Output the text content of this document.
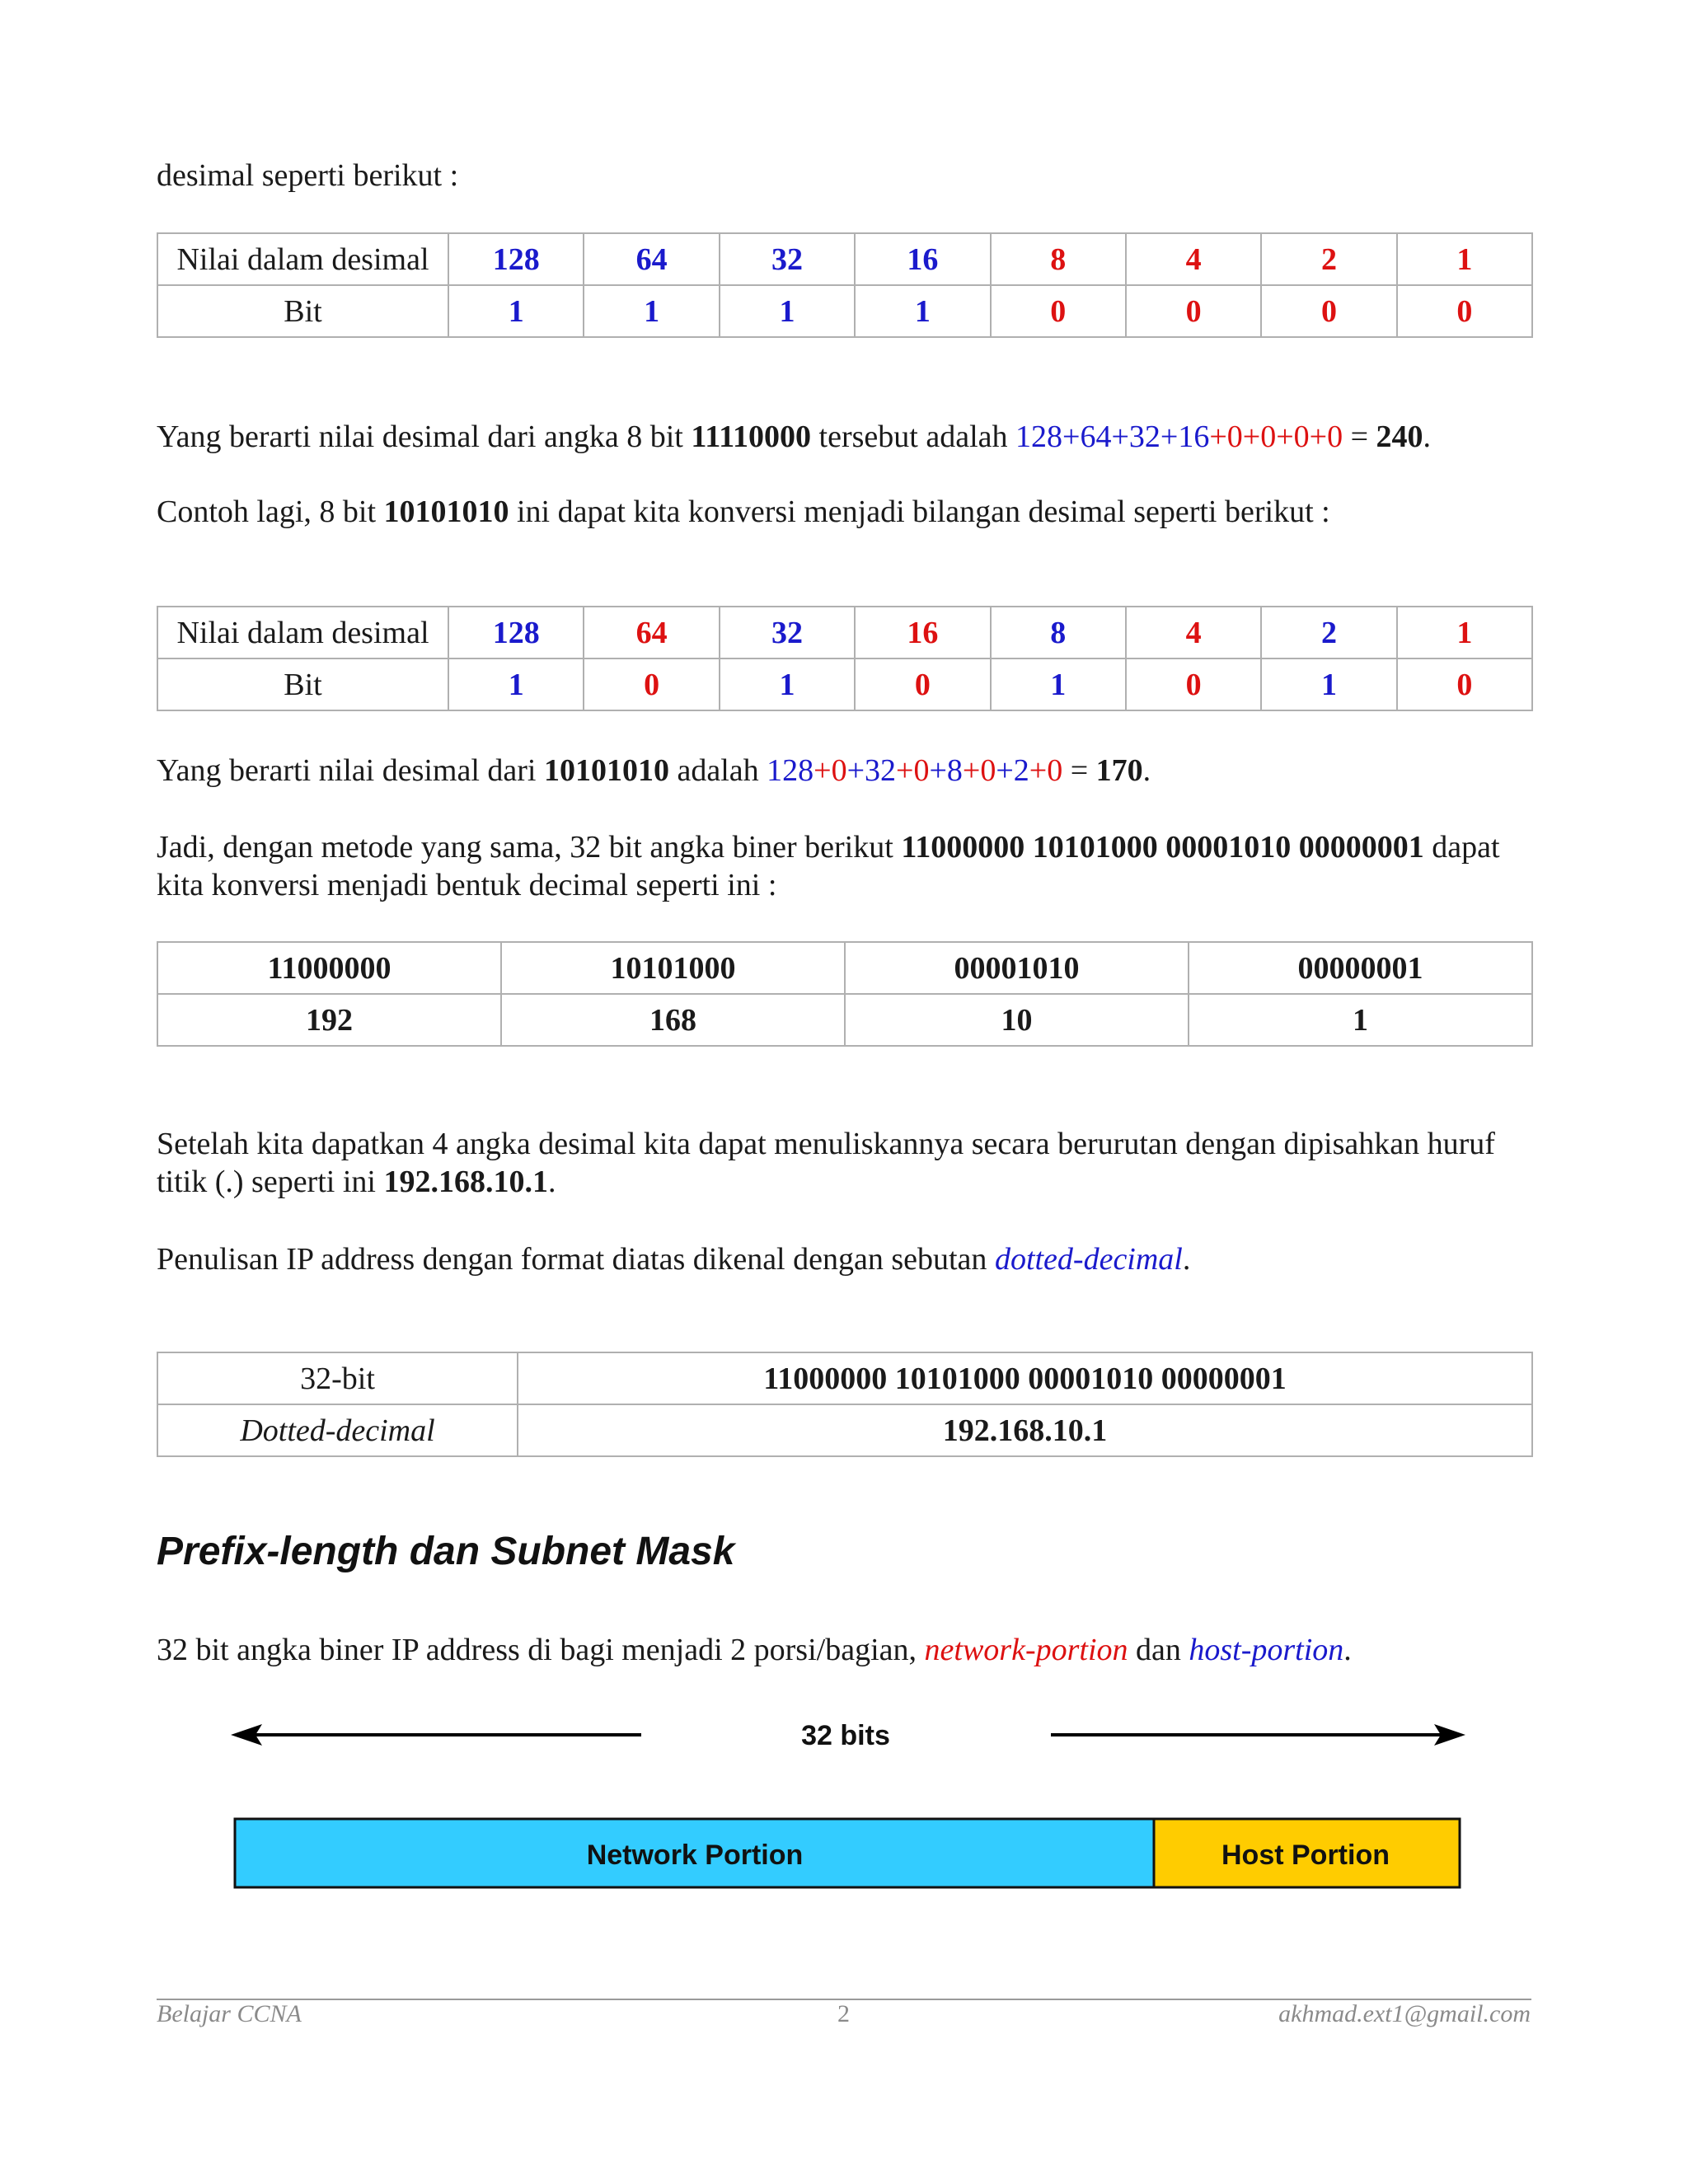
desimal seperti berikut :

Nilai dalam desimal	128	64	32	16	8	4	2	1
Bit	1	1	1	1	0	0	0	0

Yang berarti nilai desimal dari angka 8 bit 11110000 tersebut adalah 128+64+32+16+0+0+0+0 = 240.

Contoh lagi, 8 bit 10101010 ini dapat kita konversi menjadi bilangan desimal seperti berikut :

Nilai dalam desimal	128	64	32	16	8	4	2	1
Bit	1	0	1	0	1	0	1	0

Yang berarti nilai desimal dari 10101010 adalah 128+0+32+0+8+0+2+0 = 170.

Jadi, dengan metode yang sama, 32 bit angka biner berikut 11000000 10101000 00001010 00000001 dapat kita konversi menjadi bentuk decimal seperti ini :

11000000	10101000	00001010	00000001
192	168	10	1

Setelah kita dapatkan 4 angka desimal kita dapat menuliskannya secara berurutan dengan dipisahkan huruf titik (.) seperti ini 192.168.10.1.

Penulisan IP address dengan format diatas dikenal dengan sebutan dotted-decimal.

32-bit	11000000 10101000 00001010 00000001
Dotted-decimal	192.168.10.1
Prefix-length dan Subnet Mask

32 bit angka biner IP address di bagi menjadi 2 porsi/bagian, network-portion dan host-portion.

32 bits
Network Portion	Host Portion
Belajar CCNA	2	akhmad.ext1@gmail.com
